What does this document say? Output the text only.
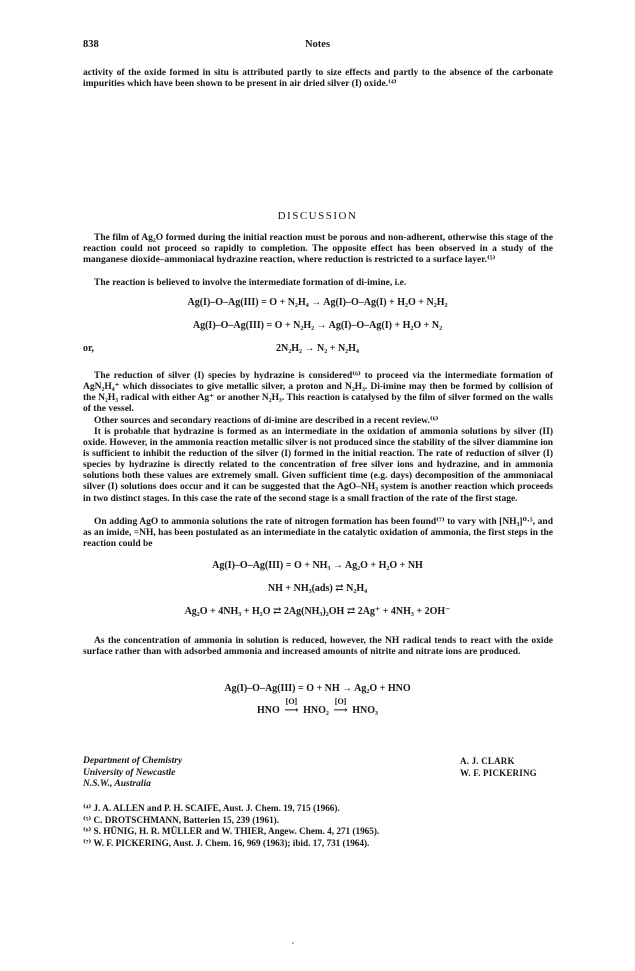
838	Notes

activity of the oxide formed in situ is attributed partly to size effects and partly to the absence of the carbonate impurities which have been shown to be present in air dried silver (I) oxide.⁽⁴⁾

DISCUSSION

The film of Ag₂O formed during the initial reaction must be porous and non-adherent, otherwise this stage of the reaction could not proceed so rapidly to completion. The opposite effect has been observed in a study of the manganese dioxide–ammoniacal hydrazine reaction, where reduction is restricted to a surface layer.⁽⁵⁾

The reaction is believed to involve the intermediate formation of di-imine, i.e.

Ag(I)–O–Ag(III) = O + N₂H₄ → Ag(I)–O–Ag(I) + H₂O + N₂H₂
Ag(I)–O–Ag(III) = O + N₂H₂ → Ag(I)–O–Ag(I) + H₂O + N₂
or,	2N₂H₂ → N₂ + N₂H₄

The reduction of silver (I) species by hydrazine is considered⁽⁶⁾ to proceed via the intermediate formation of AgN₂H₄⁺ which dissociates to give metallic silver, a proton and N₂H₃. Di-imine may then be formed by collision of the N₂H₃ radical with either Ag⁺ or another N₂H₃. This reaction is catalysed by the film of silver formed on the walls of the vessel.

Other sources and secondary reactions of di-imine are described in a recent review.⁽⁶⁾

It is probable that hydrazine is formed as an intermediate in the oxidation of ammonia solutions by silver (II) oxide. However, in the ammonia reaction metallic silver is not produced since the stability of the silver diammine ion is sufficient to inhibit the reduction of the silver (I) formed in the initial reaction. The rate of reduction of silver (I) species by hydrazine is directly related to the concentration of free silver ions and hydrazine, and in ammonia solutions both these values are extremely small. Given sufficient time (e.g. days) decomposition of the ammoniacal silver (I) solutions does occur and it can be suggested that the AgO–NH₃ system is another reaction which proceeds in two distinct stages. In this case the rate of the second stage is a small fraction of the rate of the first stage.

On adding AgO to ammonia solutions the rate of nitrogen formation has been found⁽⁷⁾ to vary with [NH₃]⁰·⁵, and as an imide, =NH, has been postulated as an intermediate in the catalytic oxidation of ammonia, the first steps in the reaction could be

Ag(I)–O–Ag(III) = O + NH₃ → Ag₂O + H₂O + NH
NH + NH₃(ads) ⇄ N₂H₄
Ag₂O + 4NH₃ + H₂O ⇄ 2Ag(NH₃)₂OH ⇄ 2Ag⁺ + 4NH₃ + 2OH⁻

As the concentration of ammonia in solution is reduced, however, the NH radical tends to react with the oxide surface rather than with adsorbed ammonia and increased amounts of nitrite and nitrate ions are produced.

Ag(I)–O–Ag(III) = O + NH → Ag₂O + HNO
HNO
[O]
⟶ HNO₂
[O]
⟶ HNO₃
Department of Chemistry
University of Newcastle
N.S.W., Australia
A. J. CLARK
W. F. PICKERING
⁽⁴⁾ J. A. ALLEN and P. H. SCAIFE, Aust. J. Chem. 19, 715 (1966).
⁽⁵⁾ C. DROTSCHMANN, Batterien 15, 239 (1961).
⁽⁶⁾ S. HÜNIG, H. R. MÜLLER and W. THIER, Angew. Chem. 4, 271 (1965).
⁽⁷⁾ W. F. PICKERING, Aust. J. Chem. 16, 969 (1963); ibid. 17, 731 (1964).
